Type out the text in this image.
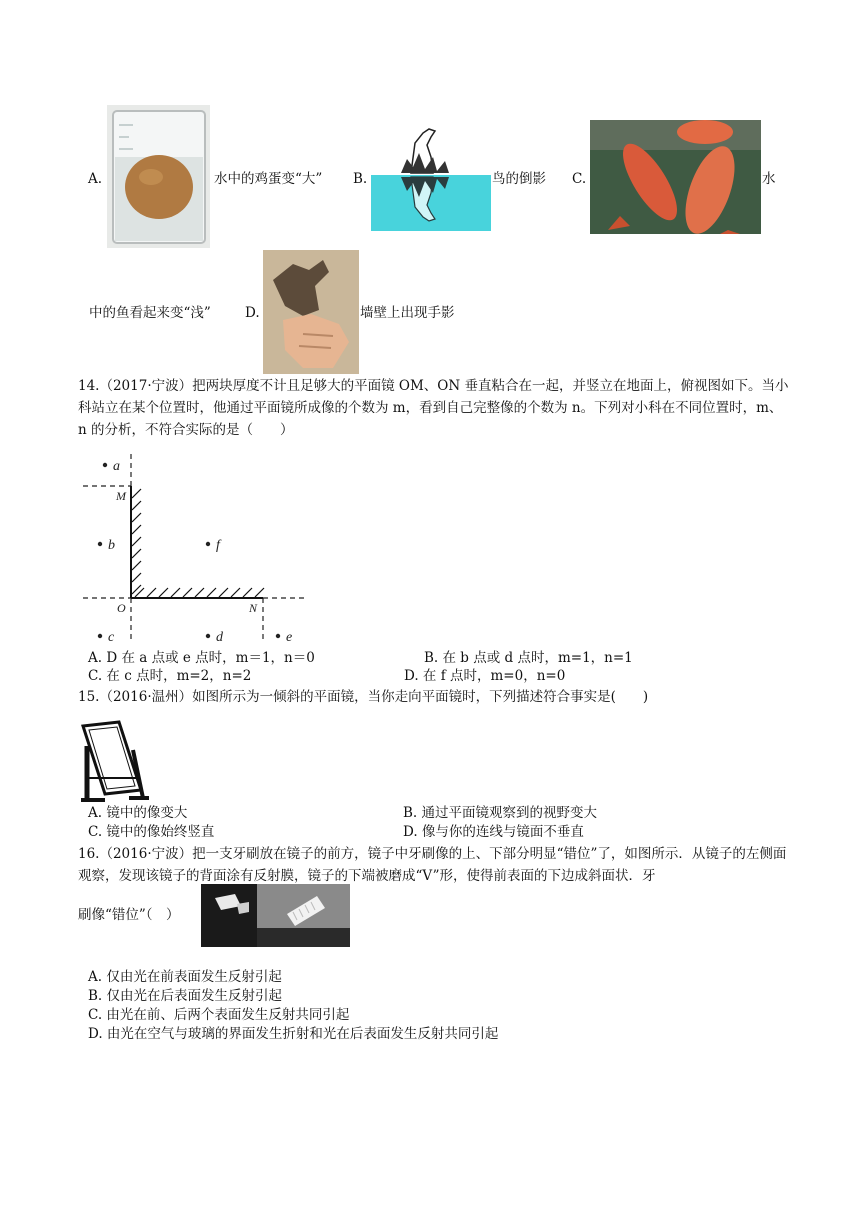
A.	水中的鸡蛋变“大” B.	鸟的倒影 C.	水
中的鱼看起来变“浅”	D.	墙壁上出现手影
14.（2017·宁波）把两块厚度不计且足够大的平面镜 OM、ON 垂直粘合在一起，并竖立在地面上，俯视图如下。当小科站立在某个位置时，他通过平面镜所成像的个数为 m，看到自己完整像的个数为 n。下列对小科在不同位置时，m、n 的分析，不符合实际的是（　　）
a
M
b	f
O	N
c	d	e
A. D 在 a 点或 e 点时，m＝1，n＝0	B. 在 b 点或 d 点时，m=1，n=1
C. 在 c 点时，m=2，n=2	D. 在 f 点时，m=0，n=0
15.（2016·温州）如图所示为一倾斜的平面镜，当你走向平面镜时，下列描述符合事实是(　　)
A. 镜中的像变大	B. 通过平面镜观察到的视野变大
C. 镜中的像始终竖直	D. 像与你的连线与镜面不垂直
16.（2016·宁波）把一支牙刷放在镜子的前方，镜子中牙刷像的上、下部分明显“错位”了，如图所示．从镜子的左侧面观察，发现该镜子的背面涂有反射膜，镜子的下端被磨成“V”形，使得前表面的下边成斜面状．牙
刷像“错位”（　）
A. 仅由光在前表面发生反射引起
B. 仅由光在后表面发生反射引起
C. 由光在前、后两个表面发生反射共同引起
D. 由光在空气与玻璃的界面发生折射和光在后表面发生反射共同引起
